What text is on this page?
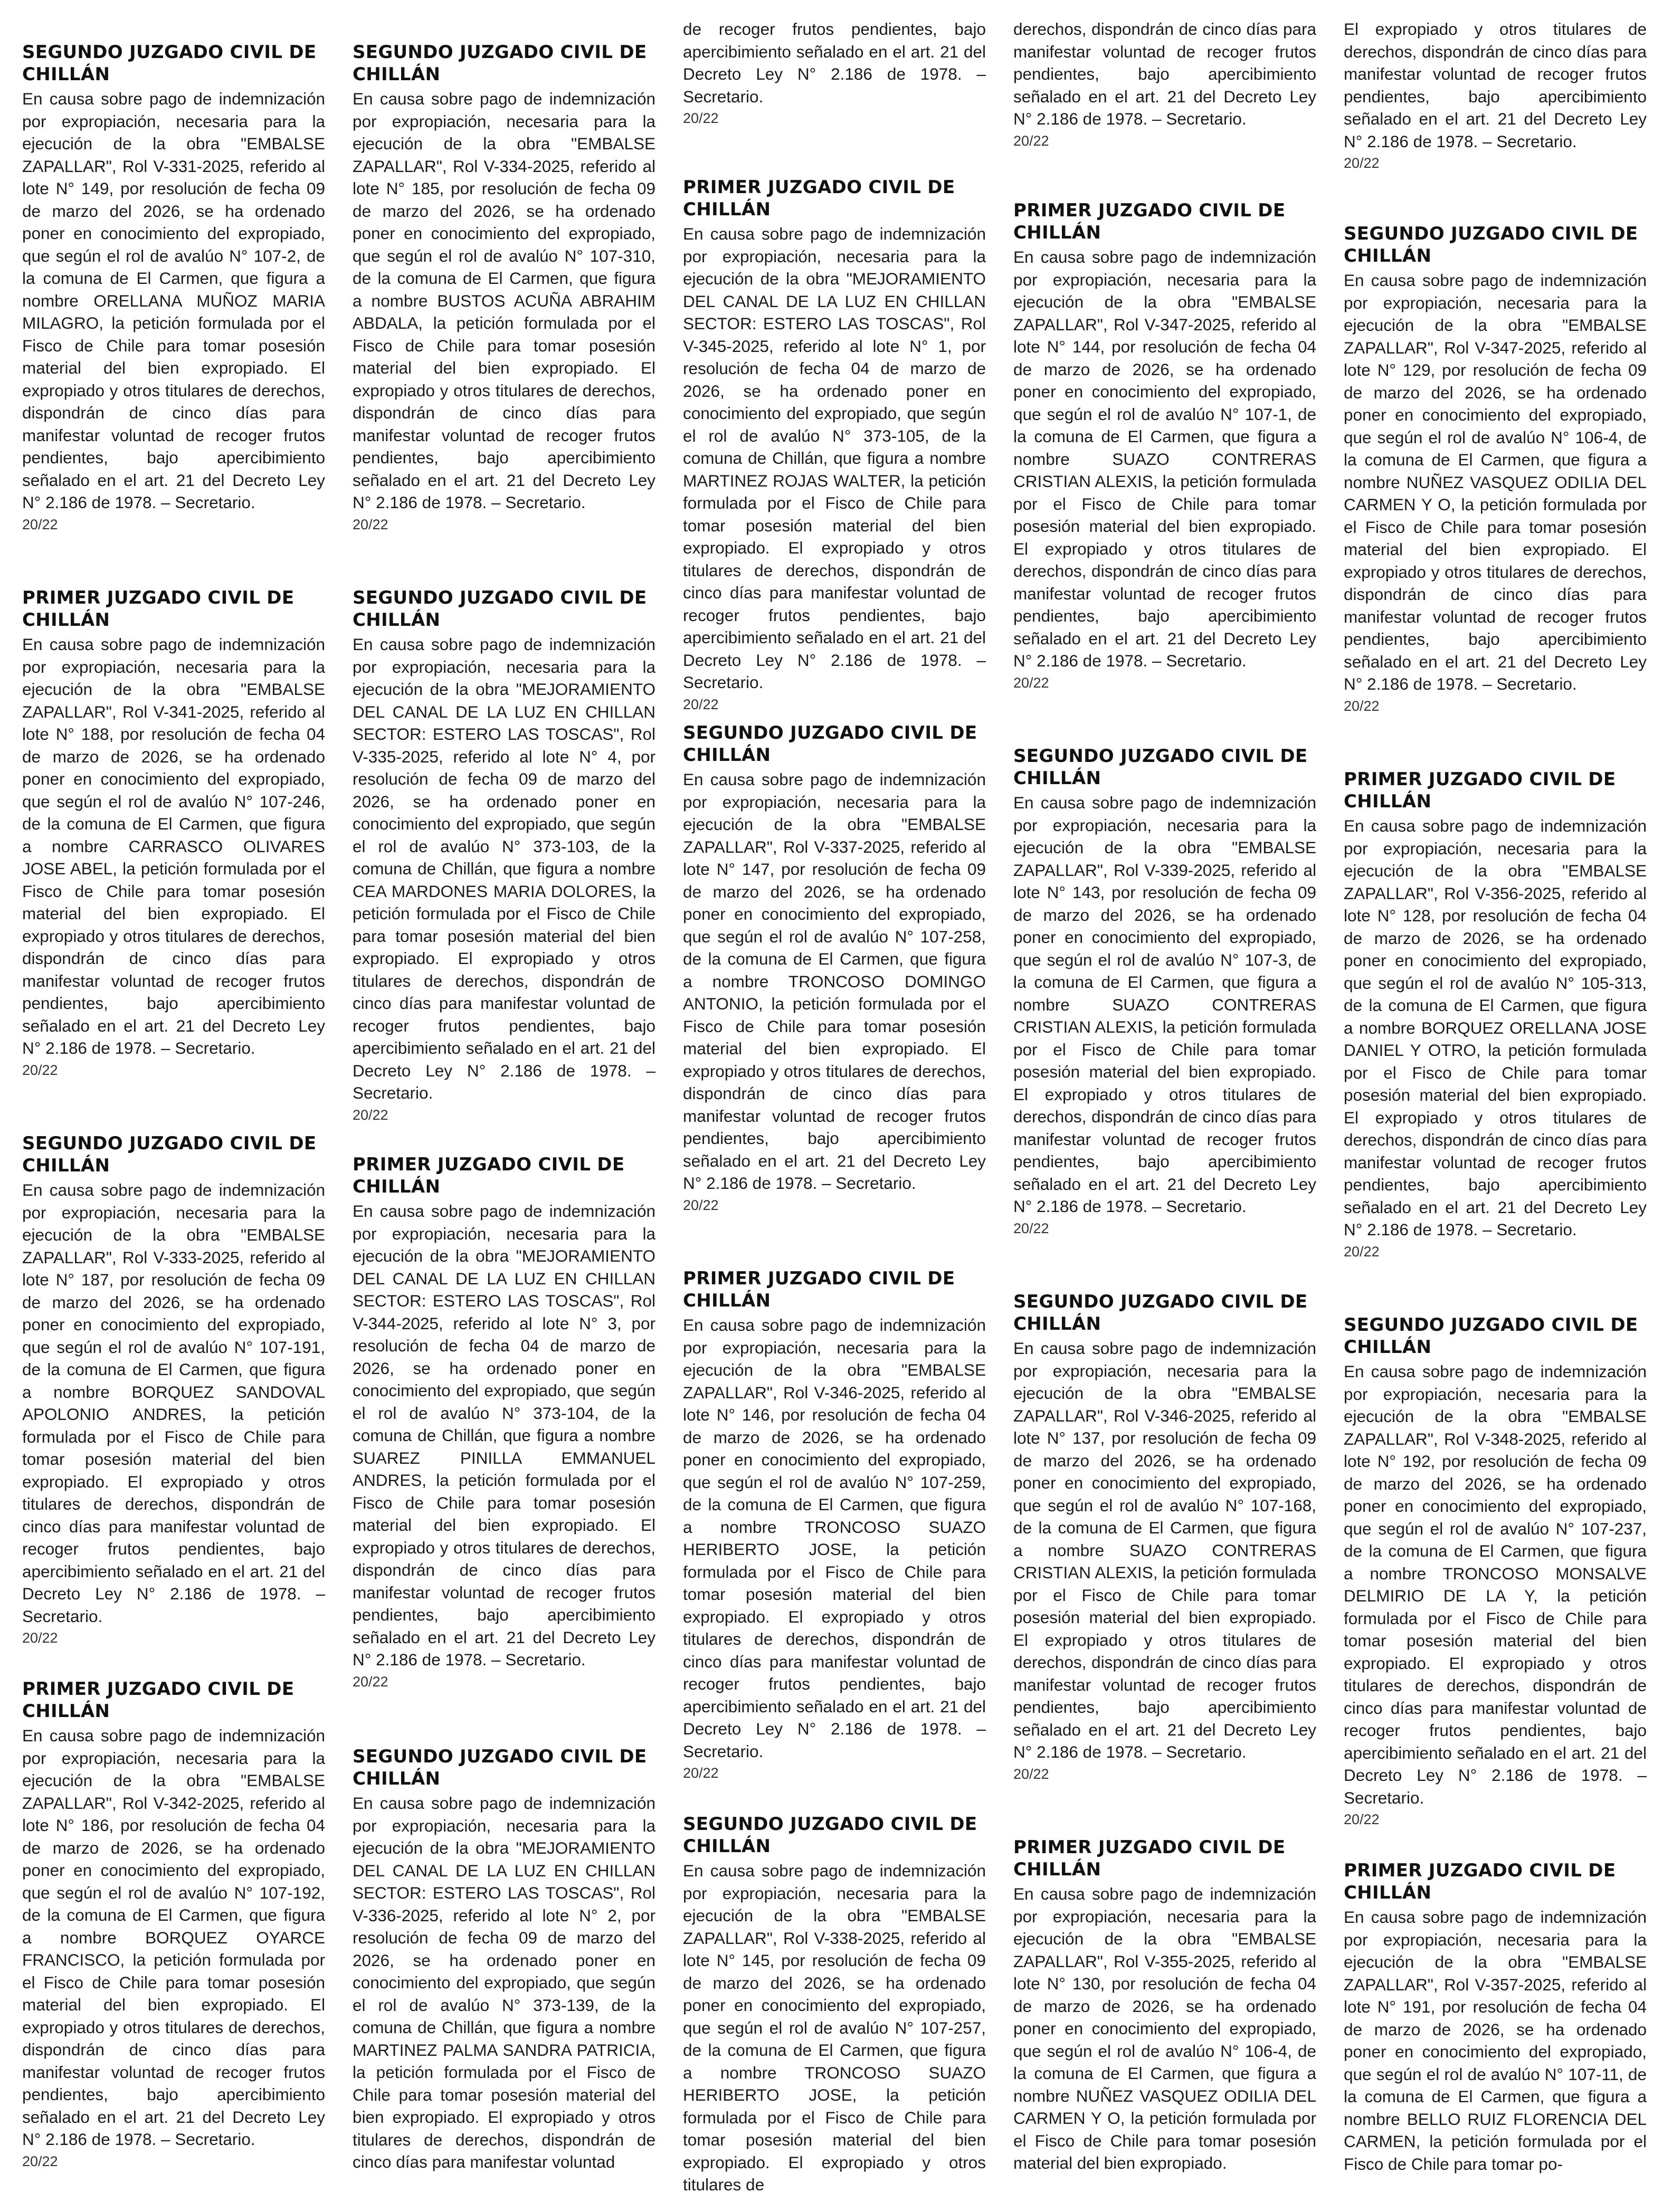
SEGUNDO JUZGADO CIVIL DE CHILLÁN
En causa sobre pago de indemnización por expropiación, necesaria para la ejecución de la obra "EMBALSE ZAPALLAR", Rol V-331-2025, referido al lote N° 149, por resolución de fecha 09 de marzo del 2026, se ha ordenado poner en conocimiento del expropiado, que según el rol de avalúo N° 107-2, de la comuna de El Carmen, que figura a nombre ORELLANA MUÑOZ MARIA MILAGRO, la petición formulada por el Fisco de Chile para tomar posesión material del bien expropiado. El expropiado y otros titulares de derechos, dispondrán de cinco días para manifestar voluntad de recoger frutos pendientes, bajo apercibimiento señalado en el art. 21 del Decreto Ley N° 2.186 de 1978. – Secretario.
20/22
PRIMER JUZGADO CIVIL DE CHILLÁN
En causa sobre pago de indemnización por expropiación, necesaria para la ejecución de la obra "EMBALSE ZAPALLAR", Rol V-341-2025, referido al lote N° 188, por resolución de fecha 04 de marzo de 2026, se ha ordenado poner en conocimiento del expropiado, que según el rol de avalúo N° 107-246, de la comuna de El Carmen, que figura a nombre CARRASCO OLIVARES JOSE ABEL, la petición formulada por el Fisco de Chile para tomar posesión material del bien expropiado. El expropiado y otros titulares de derechos, dispondrán de cinco días para manifestar voluntad de recoger frutos pendientes, bajo apercibimiento señalado en el art. 21 del Decreto Ley N° 2.186 de 1978. – Secretario.
20/22
SEGUNDO JUZGADO CIVIL DE CHILLÁN
En causa sobre pago de indemnización por expropiación, necesaria para la ejecución de la obra "EMBALSE ZAPALLAR", Rol V-333-2025, referido al lote N° 187, por resolución de fecha 09 de marzo del 2026, se ha ordenado poner en conocimiento del expropiado, que según el rol de avalúo N° 107-191, de la comuna de El Carmen, que figura a nombre BORQUEZ SANDOVAL APOLONIO ANDRES, la petición formulada por el Fisco de Chile para tomar posesión material del bien expropiado. El expropiado y otros titulares de derechos, dispondrán de cinco días para manifestar voluntad de recoger frutos pendientes, bajo apercibimiento señalado en el art. 21 del Decreto Ley N° 2.186 de 1978. – Secretario.
20/22
PRIMER JUZGADO CIVIL DE CHILLÁN
En causa sobre pago de indemnización por expropiación, necesaria para la ejecución de la obra "EMBALSE ZAPALLAR", Rol V-342-2025, referido al lote N° 186, por resolución de fecha 04 de marzo de 2026, se ha ordenado poner en conocimiento del expropiado, que según el rol de avalúo N° 107-192, de la comuna de El Carmen, que figura a nombre BORQUEZ OYARCE FRANCISCO, la petición formulada por el Fisco de Chile para tomar posesión material del bien expropiado. El expropiado y otros titulares de derechos, dispondrán de cinco días para manifestar voluntad de recoger frutos pendientes, bajo apercibimiento señalado en el art. 21 del Decreto Ley N° 2.186 de 1978. – Secretario.
20/22
SEGUNDO JUZGADO CIVIL DE CHILLÁN
En causa sobre pago de indemnización por expropiación, necesaria para la ejecución de la obra "EMBALSE ZAPALLAR", Rol V-334-2025, referido al lote N° 185, por resolución de fecha 09 de marzo del 2026, se ha ordenado poner en conocimiento del expropiado, que según el rol de avalúo N° 107-310, de la comuna de El Carmen, que figura a nombre BUSTOS ACUÑA ABRAHIM ABDALA, la petición formulada por el Fisco de Chile para tomar posesión material del bien expropiado. El expropiado y otros titulares de derechos, dispondrán de cinco días para manifestar voluntad de recoger frutos pendientes, bajo apercibimiento señalado en el art. 21 del Decreto Ley N° 2.186 de 1978. – Secretario.
20/22
SEGUNDO JUZGADO CIVIL DE CHILLÁN
En causa sobre pago de indemnización por expropiación, necesaria para la ejecución de la obra "MEJORAMIENTO DEL CANAL DE LA LUZ EN CHILLAN SECTOR: ESTERO LAS TOSCAS", Rol V-335-2025, referido al lote N° 4, por resolución de fecha 09 de marzo del 2026, se ha ordenado poner en conocimiento del expropiado, que según el rol de avalúo N° 373-103, de la comuna de Chillán, que figura a nombre CEA MARDONES MARIA DOLORES, la petición formulada por el Fisco de Chile para tomar posesión material del bien expropiado. El expropiado y otros titulares de derechos, dispondrán de cinco días para manifestar voluntad de recoger frutos pendientes, bajo apercibimiento señalado en el art. 21 del Decreto Ley N° 2.186 de 1978. – Secretario.
20/22
PRIMER JUZGADO CIVIL DE CHILLÁN
En causa sobre pago de indemnización por expropiación, necesaria para la ejecución de la obra "MEJORAMIENTO DEL CANAL DE LA LUZ EN CHILLAN SECTOR: ESTERO LAS TOSCAS", Rol V-344-2025, referido al lote N° 3, por resolución de fecha 04 de marzo de 2026, se ha ordenado poner en conocimiento del expropiado, que según el rol de avalúo N° 373-104, de la comuna de Chillán, que figura a nombre SUAREZ PINILLA EMMANUEL ANDRES, la petición formulada por el Fisco de Chile para tomar posesión material del bien expropiado. El expropiado y otros titulares de derechos, dispondrán de cinco días para manifestar voluntad de recoger frutos pendientes, bajo apercibimiento señalado en el art. 21 del Decreto Ley N° 2.186 de 1978. – Secretario.
20/22
SEGUNDO JUZGADO CIVIL DE CHILLÁN
En causa sobre pago de indemnización por expropiación, necesaria para la ejecución de la obra "MEJORAMIENTO DEL CANAL DE LA LUZ EN CHILLAN SECTOR: ESTERO LAS TOSCAS", Rol V-336-2025, referido al lote N° 2, por resolución de fecha 09 de marzo del 2026, se ha ordenado poner en conocimiento del expropiado, que según el rol de avalúo N° 373-139, de la comuna de Chillán, que figura a nombre MARTINEZ PALMA SANDRA PATRICIA, la petición formulada por el Fisco de Chile para tomar posesión material del bien expropiado. El expropiado y otros titulares de derechos, dispondrán de cinco días para manifestar voluntad
de recoger frutos pendientes, bajo apercibimiento señalado en el art. 21 del Decreto Ley N° 2.186 de 1978. – Secretario.
20/22
PRIMER JUZGADO CIVIL DE CHILLÁN
En causa sobre pago de indemnización por expropiación, necesaria para la ejecución de la obra "MEJORAMIENTO DEL CANAL DE LA LUZ EN CHILLAN SECTOR: ESTERO LAS TOSCAS", Rol V-345-2025, referido al lote N° 1, por resolución de fecha 04 de marzo de 2026, se ha ordenado poner en conocimiento del expropiado, que según el rol de avalúo N° 373-105, de la comuna de Chillán, que figura a nombre MARTINEZ ROJAS WALTER, la petición formulada por el Fisco de Chile para tomar posesión material del bien expropiado. El expropiado y otros titulares de derechos, dispondrán de cinco días para manifestar voluntad de recoger frutos pendientes, bajo apercibimiento señalado en el art. 21 del Decreto Ley N° 2.186 de 1978. – Secretario.
20/22
SEGUNDO JUZGADO CIVIL DE CHILLÁN
En causa sobre pago de indemnización por expropiación, necesaria para la ejecución de la obra "EMBALSE ZAPALLAR", Rol V-337-2025, referido al lote N° 147, por resolución de fecha 09 de marzo del 2026, se ha ordenado poner en conocimiento del expropiado, que según el rol de avalúo N° 107-258, de la comuna de El Carmen, que figura a nombre TRONCOSO DOMINGO ANTONIO, la petición formulada por el Fisco de Chile para tomar posesión material del bien expropiado. El expropiado y otros titulares de derechos, dispondrán de cinco días para manifestar voluntad de recoger frutos pendientes, bajo apercibimiento señalado en el art. 21 del Decreto Ley N° 2.186 de 1978. – Secretario.
20/22
PRIMER JUZGADO CIVIL DE CHILLÁN
En causa sobre pago de indemnización por expropiación, necesaria para la ejecución de la obra "EMBALSE ZAPALLAR", Rol V-346-2025, referido al lote N° 146, por resolución de fecha 04 de marzo de 2026, se ha ordenado poner en conocimiento del expropiado, que según el rol de avalúo N° 107-259, de la comuna de El Carmen, que figura a nombre TRONCOSO SUAZO HERIBERTO JOSE, la petición formulada por el Fisco de Chile para tomar posesión material del bien expropiado. El expropiado y otros titulares de derechos, dispondrán de cinco días para manifestar voluntad de recoger frutos pendientes, bajo apercibimiento señalado en el art. 21 del Decreto Ley N° 2.186 de 1978. – Secretario.
20/22
SEGUNDO JUZGADO CIVIL DE CHILLÁN
En causa sobre pago de indemnización por expropiación, necesaria para la ejecución de la obra "EMBALSE ZAPALLAR", Rol V-338-2025, referido al lote N° 145, por resolución de fecha 09 de marzo del 2026, se ha ordenado poner en conocimiento del expropiado, que según el rol de avalúo N° 107-257, de la comuna de El Carmen, que figura a nombre TRONCOSO SUAZO HERIBERTO JOSE, la petición formulada por el Fisco de Chile para tomar posesión material del bien expropiado. El expropiado y otros titulares de
derechos, dispondrán de cinco días para manifestar voluntad de recoger frutos pendientes, bajo apercibimiento señalado en el art. 21 del Decreto Ley N° 2.186 de 1978. – Secretario.
20/22
PRIMER JUZGADO CIVIL DE CHILLÁN
En causa sobre pago de indemnización por expropiación, necesaria para la ejecución de la obra "EMBALSE ZAPALLAR", Rol V-347-2025, referido al lote N° 144, por resolución de fecha 04 de marzo de 2026, se ha ordenado poner en conocimiento del expropiado, que según el rol de avalúo N° 107-1, de la comuna de El Carmen, que figura a nombre SUAZO CONTRERAS CRISTIAN ALEXIS, la petición formulada por el Fisco de Chile para tomar posesión material del bien expropiado. El expropiado y otros titulares de derechos, dispondrán de cinco días para manifestar voluntad de recoger frutos pendientes, bajo apercibimiento señalado en el art. 21 del Decreto Ley N° 2.186 de 1978. – Secretario.
20/22
SEGUNDO JUZGADO CIVIL DE CHILLÁN
En causa sobre pago de indemnización por expropiación, necesaria para la ejecución de la obra "EMBALSE ZAPALLAR", Rol V-339-2025, referido al lote N° 143, por resolución de fecha 09 de marzo del 2026, se ha ordenado poner en conocimiento del expropiado, que según el rol de avalúo N° 107-3, de la comuna de El Carmen, que figura a nombre SUAZO CONTRERAS CRISTIAN ALEXIS, la petición formulada por el Fisco de Chile para tomar posesión material del bien expropiado. El expropiado y otros titulares de derechos, dispondrán de cinco días para manifestar voluntad de recoger frutos pendientes, bajo apercibimiento señalado en el art. 21 del Decreto Ley N° 2.186 de 1978. – Secretario.
20/22
SEGUNDO JUZGADO CIVIL DE CHILLÁN
En causa sobre pago de indemnización por expropiación, necesaria para la ejecución de la obra "EMBALSE ZAPALLAR", Rol V-346-2025, referido al lote N° 137, por resolución de fecha 09 de marzo del 2026, se ha ordenado poner en conocimiento del expropiado, que según el rol de avalúo N° 107-168, de la comuna de El Carmen, que figura a nombre SUAZO CONTRERAS CRISTIAN ALEXIS, la petición formulada por el Fisco de Chile para tomar posesión material del bien expropiado. El expropiado y otros titulares de derechos, dispondrán de cinco días para manifestar voluntad de recoger frutos pendientes, bajo apercibimiento señalado en el art. 21 del Decreto Ley N° 2.186 de 1978. – Secretario.
20/22
PRIMER JUZGADO CIVIL DE CHILLÁN
En causa sobre pago de indemnización por expropiación, necesaria para la ejecución de la obra "EMBALSE ZAPALLAR", Rol V-355-2025, referido al lote N° 130, por resolución de fecha 04 de marzo de 2026, se ha ordenado poner en conocimiento del expropiado, que según el rol de avalúo N° 106-4, de la comuna de El Carmen, que figura a nombre NUÑEZ VASQUEZ ODILIA DEL CARMEN Y O, la petición formulada por el Fisco de Chile para tomar posesión material del bien expropiado.
El expropiado y otros titulares de derechos, dispondrán de cinco días para manifestar voluntad de recoger frutos pendientes, bajo apercibimiento señalado en el art. 21 del Decreto Ley N° 2.186 de 1978. – Secretario.
20/22
SEGUNDO JUZGADO CIVIL DE CHILLÁN
En causa sobre pago de indemnización por expropiación, necesaria para la ejecución de la obra "EMBALSE ZAPALLAR", Rol V-347-2025, referido al lote N° 129, por resolución de fecha 09 de marzo del 2026, se ha ordenado poner en conocimiento del expropiado, que según el rol de avalúo N° 106-4, de la comuna de El Carmen, que figura a nombre NUÑEZ VASQUEZ ODILIA DEL CARMEN Y O, la petición formulada por el Fisco de Chile para tomar posesión material del bien expropiado. El expropiado y otros titulares de derechos, dispondrán de cinco días para manifestar voluntad de recoger frutos pendientes, bajo apercibimiento señalado en el art. 21 del Decreto Ley N° 2.186 de 1978. – Secretario.
20/22
PRIMER JUZGADO CIVIL DE CHILLÁN
En causa sobre pago de indemnización por expropiación, necesaria para la ejecución de la obra "EMBALSE ZAPALLAR", Rol V-356-2025, referido al lote N° 128, por resolución de fecha 04 de marzo de 2026, se ha ordenado poner en conocimiento del expropiado, que según el rol de avalúo N° 105-313, de la comuna de El Carmen, que figura a nombre BORQUEZ ORELLANA JOSE DANIEL Y OTRO, la petición formulada por el Fisco de Chile para tomar posesión material del bien expropiado. El expropiado y otros titulares de derechos, dispondrán de cinco días para manifestar voluntad de recoger frutos pendientes, bajo apercibimiento señalado en el art. 21 del Decreto Ley N° 2.186 de 1978. – Secretario.
20/22
SEGUNDO JUZGADO CIVIL DE CHILLÁN
En causa sobre pago de indemnización por expropiación, necesaria para la ejecución de la obra "EMBALSE ZAPALLAR", Rol V-348-2025, referido al lote N° 192, por resolución de fecha 09 de marzo del 2026, se ha ordenado poner en conocimiento del expropiado, que según el rol de avalúo N° 107-237, de la comuna de El Carmen, que figura a nombre TRONCOSO MONSALVE DELMIRIO DE LA Y, la petición formulada por el Fisco de Chile para tomar posesión material del bien expropiado. El expropiado y otros titulares de derechos, dispondrán de cinco días para manifestar voluntad de recoger frutos pendientes, bajo apercibimiento señalado en el art. 21 del Decreto Ley N° 2.186 de 1978. – Secretario.
20/22
PRIMER JUZGADO CIVIL DE CHILLÁN
En causa sobre pago de indemnización por expropiación, necesaria para la ejecución de la obra "EMBALSE ZAPALLAR", Rol V-357-2025, referido al lote N° 191, por resolución de fecha 04 de marzo de 2026, se ha ordenado poner en conocimiento del expropiado, que según el rol de avalúo N° 107-11, de la comuna de El Carmen, que figura a nombre BELLO RUIZ FLORENCIA DEL CARMEN, la petición formulada por el Fisco de Chile para tomar po-
